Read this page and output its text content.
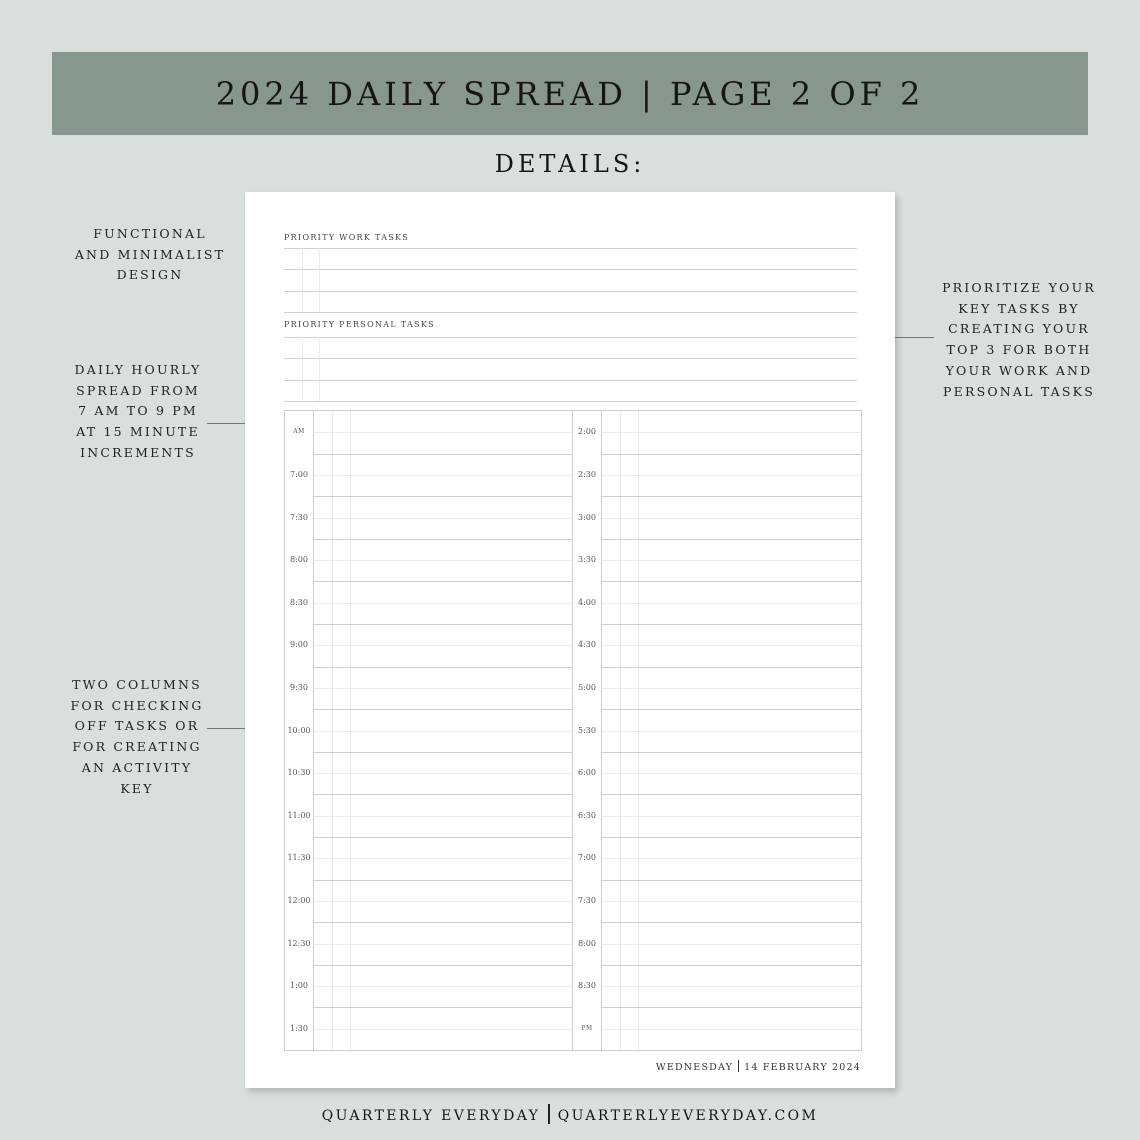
2024 DAILY SPREAD | PAGE 2 OF 2
DETAILS:
FUNCTIONAL
AND MINIMALIST
DESIGN
DAILY HOURLY
SPREAD FROM
7 AM TO 9 PM
AT 15 MINUTE
INCREMENTS
TWO COLUMNS
FOR CHECKING
OFF TASKS OR
FOR CREATING
AN ACTIVITY
KEY
PRIORITIZE YOUR
KEY TASKS BY
CREATING YOUR
TOP 3 FOR BOTH
YOUR WORK AND
PERSONAL TASKS
PRIORITY WORK TASKS
PRIORITY PERSONAL TASKS
AM
7:00
7:30
8:00
8:30
9:00
9:30
10:00
10:30
11:00
11:30
12:00
12:30
1:00
1:30
2:00
2:30
3:00
3:30
4:00
4:30
5:00
5:30
6:00
6:30
7:00
7:30
8:00
8:30
PM
WEDNESDAY 14 FEBRUARY 2024
QUARTERLY EVERYDAY QUARTERLYEVERYDAY.COM
